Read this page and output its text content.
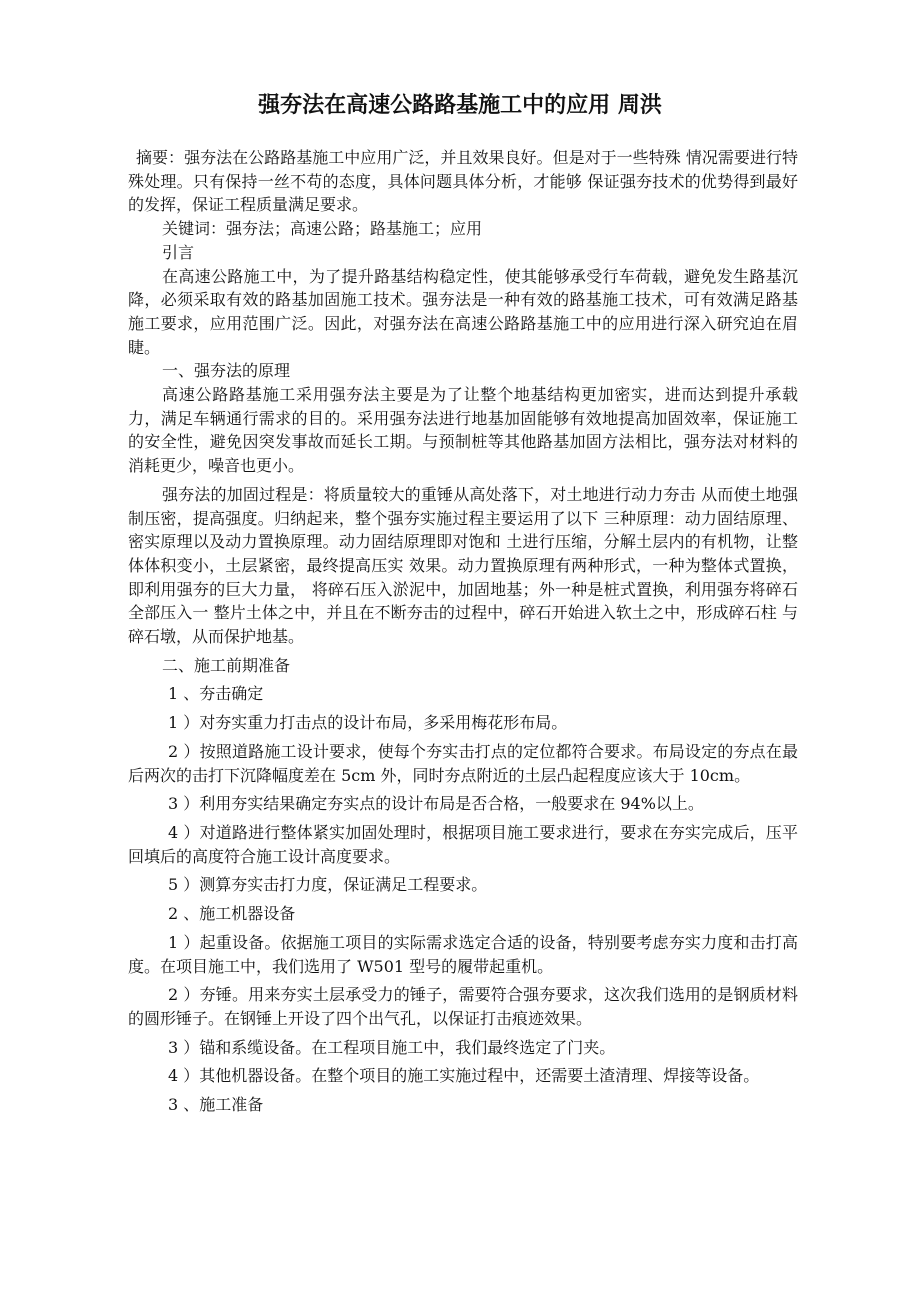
强夯法在高速公路路基施工中的应用 周洪

摘要：强夯法在公路路基施工中应用广泛，并且效果良好。但是对于一些特殊 情况需要进行特殊处理。只有保持一丝不苟的态度，具体问题具体分析，才能够 保证强夯技术的优势得到最好的发挥，保证工程质量满足要求。

关键词：强夯法；高速公路；路基施工；应用

引言

在高速公路施工中，为了提升路基结构稳定性，使其能够承受行车荷载，避免发生路基沉降，必须采取有效的路基加固施工技术。强夯法是一种有效的路基施工技术，可有效满足路基施工要求，应用范围广泛。因此，对强夯法在高速公路路基施工中的应用进行深入研究迫在眉睫。

一、强夯法的原理

高速公路路基施工采用强夯法主要是为了让整个地基结构更加密实，进而达到提升承载力，满足车辆通行需求的目的。采用强夯法进行地基加固能够有效地提高加固效率，保证施工的安全性，避免因突发事故而延长工期。与预制桩等其他路基加固方法相比，强夯法对材料的消耗更少，噪音也更小。

强夯法的加固过程是：将质量较大的重锤从高处落下，对土地进行动力夯击 从而使土地强制压密，提高强度。归纳起来，整个强夯实施过程主要运用了以下 三种原理：动力固结原理、密实原理以及动力置换原理。动力固结原理即对饱和 土进行压缩，分解土层内的有机物，让整体体积变小，土层紧密，最终提高压实 效果。动力置换原理有两种形式，一种为整体式置换，即利用强夯的巨大力量， 将碎石压入淤泥中，加固地基；外一种是桩式置换，利用强夯将碎石全部压入一 整片土体之中，并且在不断夯击的过程中，碎石开始进入软土之中，形成碎石柱 与碎石墩，从而保护地基。

二、施工前期准备

1 、夯击确定

1 ）对夯实重力打击点的设计布局，多采用梅花形布局。

2 ）按照道路施工设计要求，使每个夯实击打点的定位都符合要求。布局设定的夯点在最后两次的击打下沉降幅度差在 5cm 外，同时夯点附近的土层凸起程度应该大于 10cm。

3 ）利用夯实结果确定夯实点的设计布局是否合格，一般要求在 94%以上。

4 ）对道路进行整体紧实加固处理时，根据项目施工要求进行，要求在夯实完成后，压平回填后的高度符合施工设计高度要求。

5 ）测算夯实击打力度，保证满足工程要求。

2 、施工机器设备

1 ）起重设备。依据施工项目的实际需求选定合适的设备，特别要考虑夯实力度和击打高度。在项目施工中，我们选用了 W501 型号的履带起重机。

2 ）夯锤。用来夯实土层承受力的锤子，需要符合强夯要求，这次我们选用的是钢质材料的圆形锤子。在钢锤上开设了四个出气孔，以保证打击痕迹效果。

3 ）锚和系缆设备。在工程项目施工中，我们最终选定了门夹。

4 ）其他机器设备。在整个项目的施工实施过程中，还需要土渣清理、焊接等设备。

3 、施工准备
